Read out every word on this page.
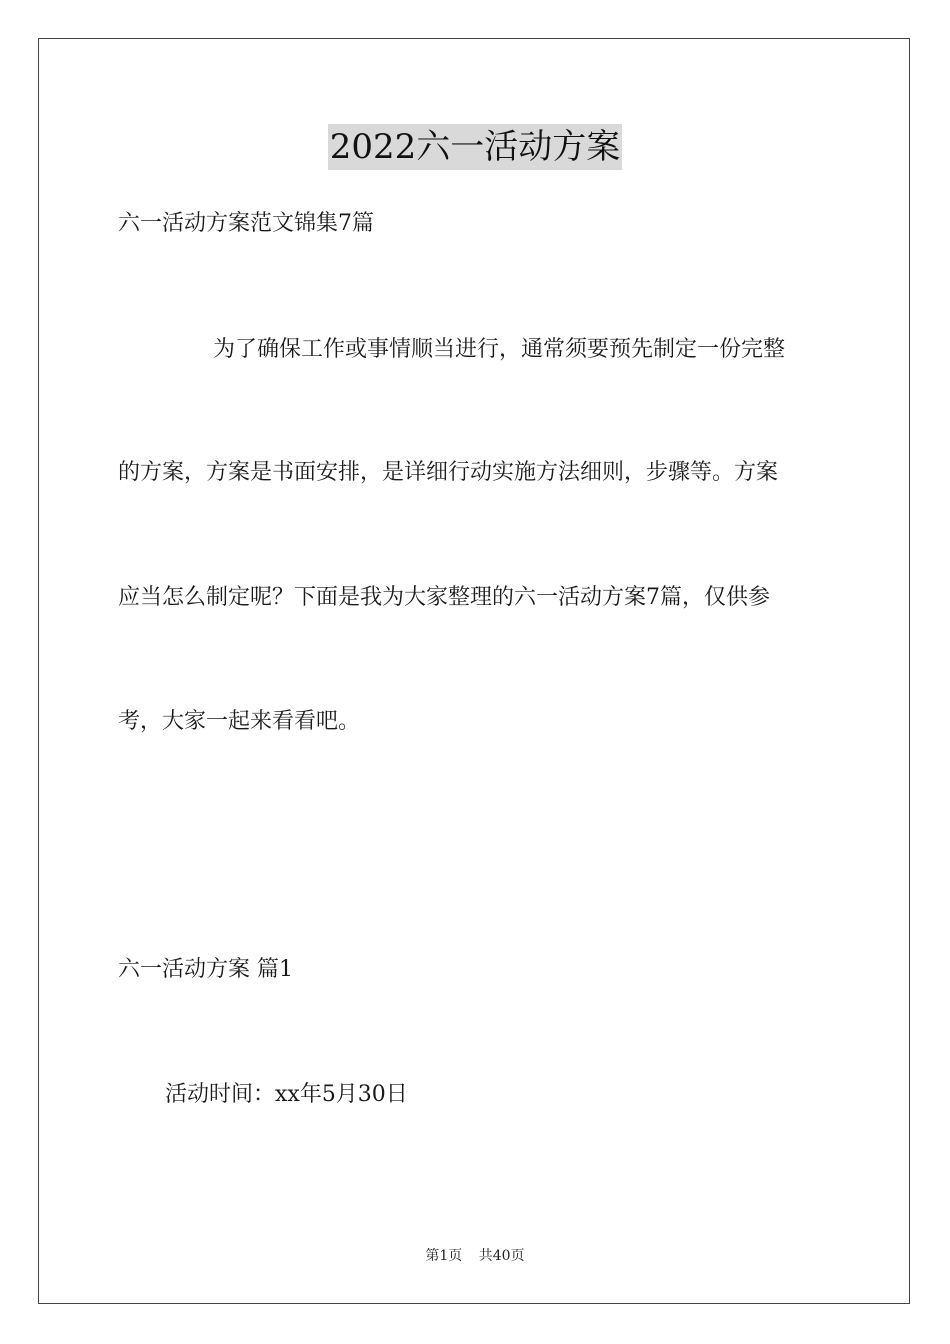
2022六一活动方案
六一活动方案范文锦集7篇
为了确保工作或事情顺当进行，通常须要预先制定一份完整
的方案，方案是书面安排，是详细行动实施方法细则，步骤等。方案
应当怎么制定呢？下面是我为大家整理的六一活动方案7篇，仅供参
考，大家一起来看看吧。
六一活动方案 篇1
活动时间：xx年5月30日
第1页 共40页
